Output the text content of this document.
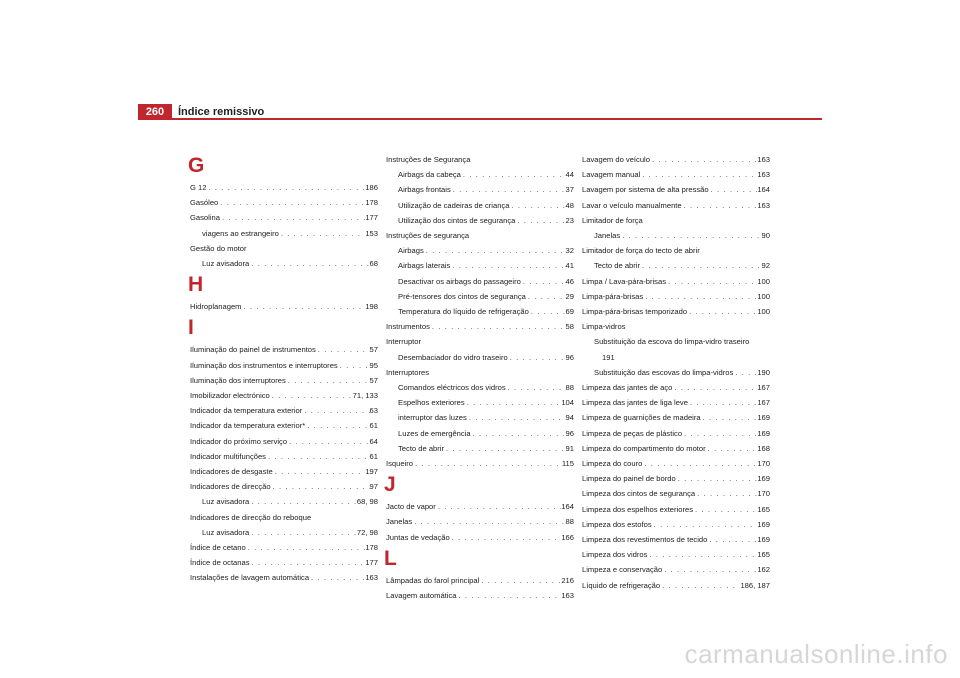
260	Índice remissivo
G
G 12 . . .	186
Gasóleo . . .	178
Gasolina . . .	177
viagens ao estrangeiro . . .	153
Gestão do motor
Luz avisadora . . .	68
H
Hidroplanagem . . .	198
I
Iluminação do painel de instrumentos . . .	57
Iluminação dos instrumentos e interruptores . . .	95
Iluminação dos interruptores . . .	57
Imobilizador electrónico . . .	71, 133
Indicador da temperatura exterior . . .	63
Indicador da temperatura exterior* . . .	61
Indicador do próximo serviço . . .	64
Indicador multifunções . . .	61
Indicadores de desgaste . . .	197
Indicadores de direcção . . .	97
Luz avisadora . . .	68, 98
Indicadores de direcção do reboque
Luz avisadora . . .	72, 98
Índice de cetano . . .	178
Índice de octanas . . .	177
Instalações de lavagem automática . . .	163
Instruções de Segurança
Airbags da cabeça . . .	44
Airbags frontais . . .	37
Utilização de cadeiras de criança . . .	48
Utilização dos cintos de segurança . . .	23
Instruções de segurança
Airbags . . .	32
Airbags laterais . . .	41
Desactivar os airbags do passageiro . . .	46
Pré-tensores dos cintos de segurança . . .	29
Temperatura do líquido de refrigeração . . .	69
Instrumentos . . .	58
Interruptor
Desembaciador do vidro traseiro . . .	96
Interruptores
Comandos eléctricos dos vidros . . .	88
Espelhos exteriores . . .	104
interruptor das luzes . . .	94
Luzes de emergência . . .	96
Tecto de abrir . . .	91
Isqueiro . . .	115
J
Jacto de vapor . . .	164
Janelas . . .	88
Juntas de vedação . . .	166
L
Lâmpadas do farol principal . . .	216
Lavagem automática . . .	163
Lavagem do veículo . . .	163
Lavagem manual . . .	163
Lavagem por sistema de alta pressão . . .	164
Lavar o veículo manualmente . . .	163
Limitador de força
Janelas . . .	90
Limitador de força do tecto de abrir
Tecto de abrir . . .	92
Limpa / Lava-pára-brisas . . .	100
Limpa-pára-brisas . . .	100
Limpa-pára-brisas temporizado . . .	100
Limpa-vidros
Substituição da escova do limpa-vidro traseiro
191
Substituição das escovas do limpa-vidros . . .	190
Limpeza das jantes de aço . . .	167
Limpeza das jantes de liga leve . . .	167
Limpeza de guarnições de madeira . . .	169
Limpeza de peças de plástico . . .	169
Limpeza do compartimento do motor . . .	168
Limpeza do couro . . .	170
Limpeza do painel de bordo . . .	169
Limpeza dos cintos de segurança . . .	170
Limpeza dos espelhos exteriores . . .	165
Limpeza dos estofos . . .	169
Limpeza dos revestimentos de tecido . . .	169
Limpeza dos vidros . . .	165
Limpeza e conservação . . .	162
Líquido de refrigeração . . .	186, 187
carmanualsonline.info
